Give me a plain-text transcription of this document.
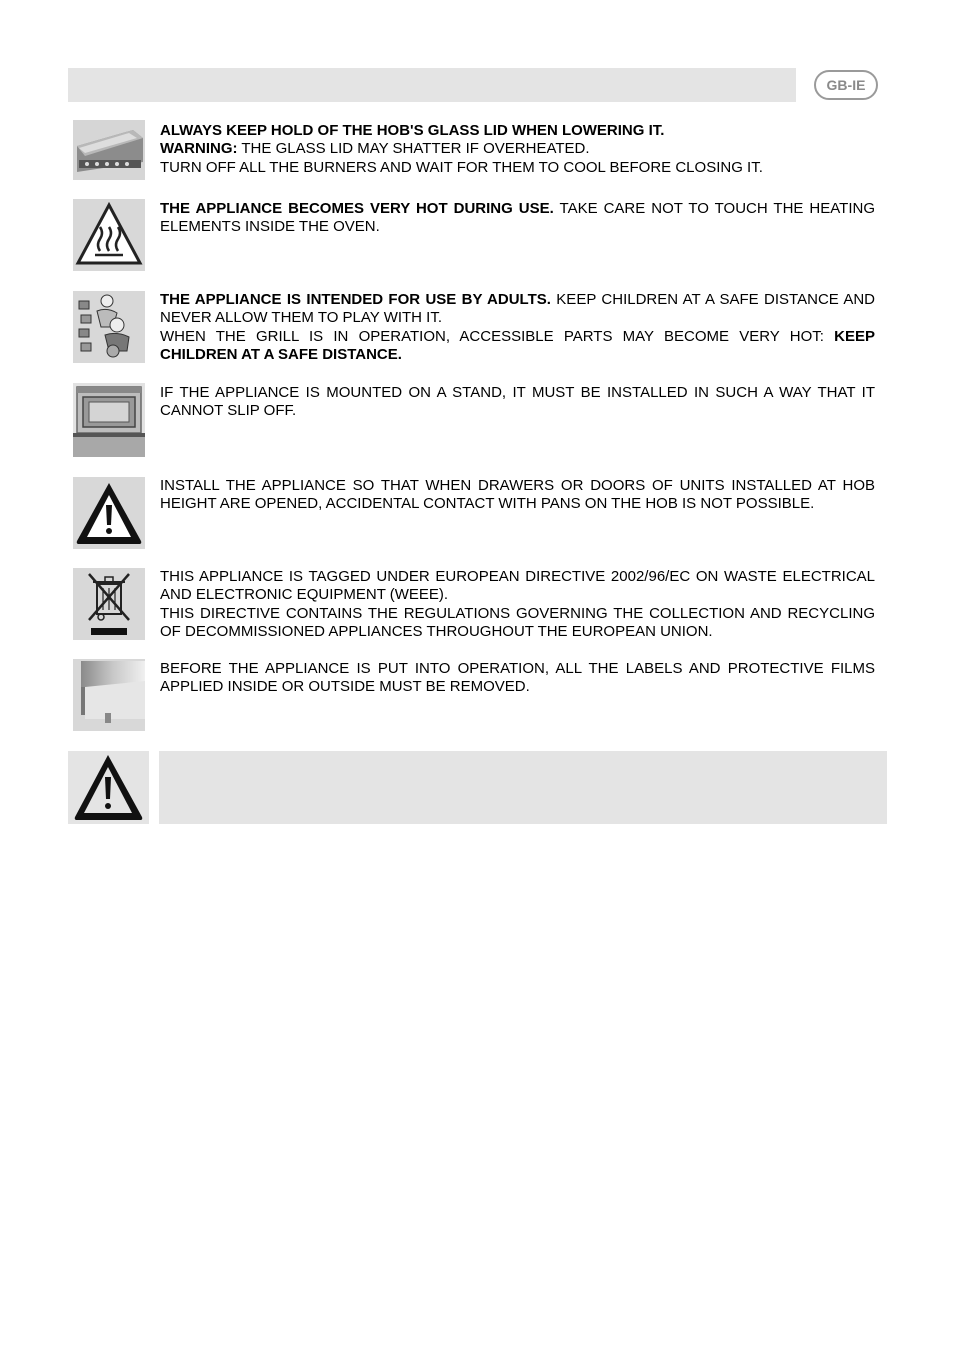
GB-IE

ALWAYS KEEP HOLD OF THE HOB'S GLASS LID WHEN LOWERING IT.

WARNING: THE GLASS LID MAY SHATTER IF OVERHEATED.

TURN OFF ALL THE BURNERS AND WAIT FOR THEM TO COOL BEFORE CLOSING IT.

THE APPLIANCE BECOMES VERY HOT DURING USE. TAKE CARE NOT TO TOUCH THE HEATING ELEMENTS INSIDE THE OVEN.

THE APPLIANCE IS INTENDED FOR USE BY ADULTS. KEEP CHILDREN AT A SAFE DISTANCE AND NEVER ALLOW THEM TO PLAY WITH IT.

WHEN THE GRILL IS IN OPERATION, ACCESSIBLE PARTS MAY BECOME VERY HOT: KEEP CHILDREN AT A SAFE DISTANCE.

IF THE APPLIANCE IS MOUNTED ON A STAND, IT MUST BE INSTALLED IN SUCH A WAY THAT IT CANNOT SLIP OFF.

INSTALL THE APPLIANCE SO THAT WHEN DRAWERS OR DOORS OF UNITS INSTALLED AT HOB HEIGHT ARE OPENED, ACCIDENTAL CONTACT WITH PANS ON THE HOB IS NOT POSSIBLE.

THIS APPLIANCE IS TAGGED UNDER EUROPEAN DIRECTIVE 2002/96/EC ON WASTE ELECTRICAL AND ELECTRONIC EQUIPMENT (WEEE).

THIS DIRECTIVE CONTAINS THE REGULATIONS GOVERNING THE COLLECTION AND RECYCLING OF DECOMMISSIONED APPLIANCES THROUGHOUT THE EUROPEAN UNION.

BEFORE THE APPLIANCE IS PUT INTO OPERATION, ALL THE LABELS AND PROTECTIVE FILMS APPLIED INSIDE OR OUTSIDE MUST BE REMOVED.
